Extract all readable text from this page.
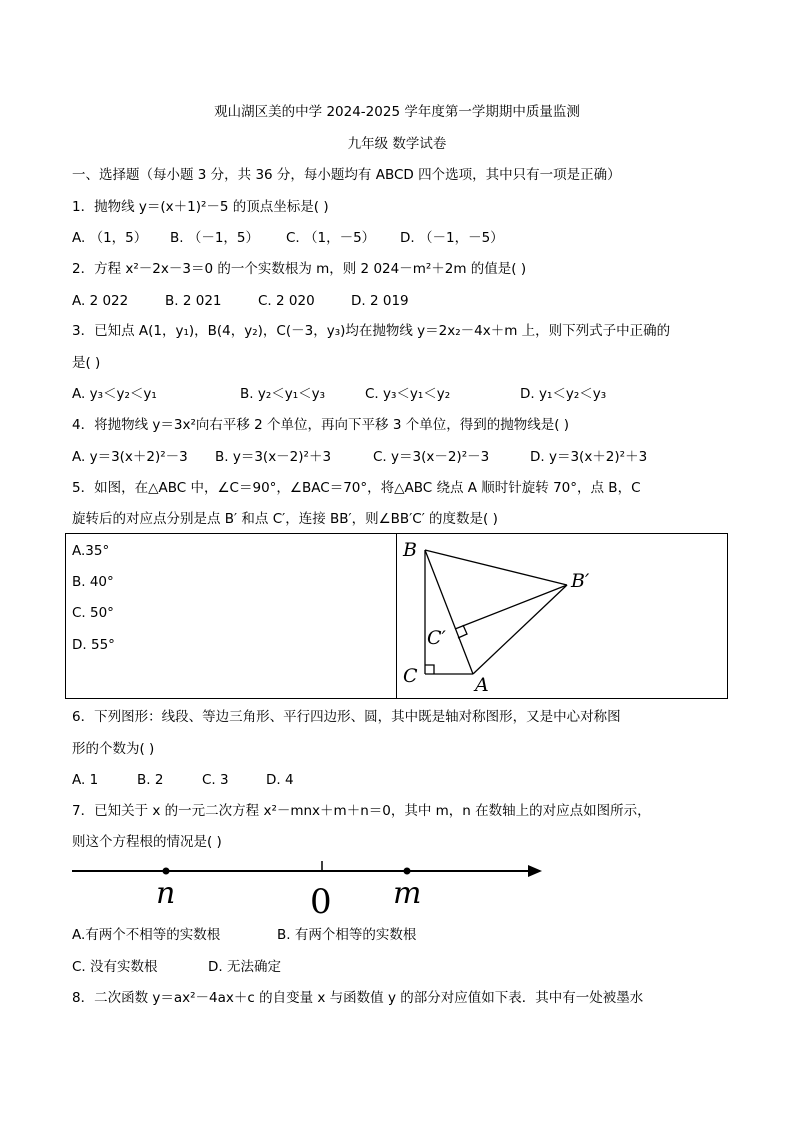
观山湖区美的中学 2024-2025 学年度第一学期期中质量监测
九年级 数学试卷
一、选择题（每小题 3 分，共 36 分，每小题均有 ABCD 四个选项，其中只有一项是正确）
1．抛物线 y＝(x＋1)²－5 的顶点坐标是( )
A. （1，5） B. （－1，5） C. （1，－5） D. （－1，－5）
2．方程 x²－2x－3＝0 的一个实数根为 m，则 2 024－m²＋2m 的值是( )
A. 2 022	B. 2 021	C. 2 020	D. 2 019
3．已知点 A(1，y₁)，B(4，y₂)，C(－3，y₃)均在抛物线 y＝2x₂－4x＋m 上，则下列式子中正确的
是( )
A. y₃＜y₂＜y₁	B. y₂＜y₁＜y₃	C. y₃＜y₁＜y₂	D. y₁＜y₂＜y₃
4．将抛物线 y＝3x²向右平移 2 个单位，再向下平移 3 个单位，得到的抛物线是( )
A. y＝3(x＋2)²－3 B. y＝3(x－2)²＋3	C. y＝3(x－2)²－3	D. y＝3(x＋2)²＋3
5．如图，在△ABC 中，∠C＝90°，∠BAC＝70°，将△ABC 绕点 A 顺时针旋转 70°，点 B，C
旋转后的对应点分别是点 B′ 和点 C′，连接 BB′，则∠BB′C′ 的度数是( )
A.35°
B. 40°
C. 50°
D. 55°
B
B′
C′
C	A
6．下列图形：线段、等边三角形、平行四边形、圆，其中既是轴对称图形，又是中心对称图
形的个数为( )
A. 1	B. 2	C. 3	D. 4
7．已知关于 x 的一元二次方程 x²－mnx＋m＋n＝0，其中 m，n 在数轴上的对应点如图所示，
则这个方程根的情况是( )
n	0 m
A.有两个不相等的实数根	B. 有两个相等的实数根
C. 没有实数根	D. 无法确定
8．二次函数 y＝ax²－4ax＋c 的自变量 x 与函数值 y 的部分对应值如下表．其中有一处被墨水
